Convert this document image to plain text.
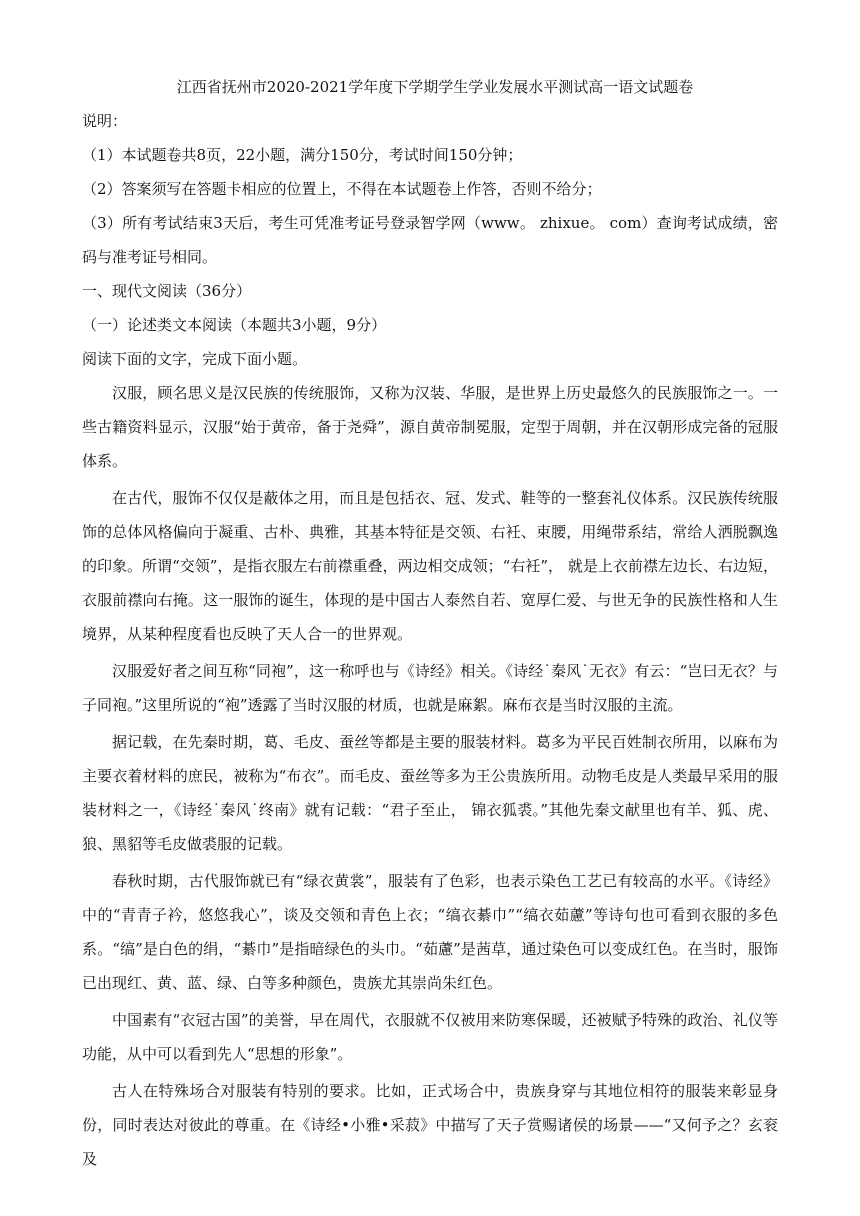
江西省抚州市2020-2021学年度下学期学生学业发展水平测试高一语文试题卷

说明：

（1）本试题卷共8页，22小题，满分150分，考试时间150分钟；

（2）答案须写在答题卡相应的位置上，不得在本试题卷上作答，否则不给分；

（3）所有考试结束3天后，考生可凭准考证号登录智学网（www。 zhixue。 com）查询考试成绩，密码与准考证号相同。

一、现代文阅读（36分）

（一）论述类文本阅读（本题共3小题，9分）

阅读下面的文字，完成下面小题。

汉服，顾名思义是汉民族的传统服饰，又称为汉装、华服，是世界上历史最悠久的民族服饰之一。一些古籍资料显示，汉服“始于黄帝，备于尧舜”，源自黄帝制冕服，定型于周朝，并在汉朝形成完备的冠服体系。

在古代，服饰不仅仅是蔽体之用，而且是包括衣、冠、发式、鞋等的一整套礼仪体系。汉民族传统服饰的总体风格偏向于凝重、古朴、典雅，其基本特征是交领、右衽、束腰，用绳带系结，常给人洒脱飘逸的印象。所谓“交领”，是指衣服左右前襟重叠，两边相交成领；“右衽”， 就是上衣前襟左边长、右边短，衣服前襟向右掩。这一服饰的诞生，体现的是中国古人泰然自若、宽厚仁爱、与世无争的民族性格和人生境界，从某种程度看也反映了天人合一的世界观。

汉服爱好者之间互称“同袍”，这一称呼也与《诗经》相关。《诗经˙秦风˙无衣》有云：“岂曰无衣？与子同袍。”这里所说的“袍”透露了当时汉服的材质，也就是麻絮。麻布衣是当时汉服的主流。

据记载，在先秦时期，葛、毛皮、蚕丝等都是主要的服装材料。葛多为平民百姓制衣所用，以麻布为主要衣着材料的庶民，被称为“布衣”。而毛皮、蚕丝等多为王公贵族所用。动物毛皮是人类最早采用的服装材料之一，《诗经˙秦风˙终南》就有记载：“君子至止， 锦衣狐裘。”其他先秦文献里也有羊、狐、虎、狼、黑貂等毛皮做裘服的记载。

春秋时期，古代服饰就已有“绿衣黄裳”，服装有了色彩，也表示染色工艺已有较高的水平。《诗经》中的“青青子衿，悠悠我心”，谈及交领和青色上衣；“缟衣綦巾”“缟衣茹藘”等诗句也可看到衣服的多色系。“缟”是白色的绢，“綦巾”是指暗绿色的头巾。“茹藘”是茜草，通过染色可以变成红色。在当时，服饰已出现红、黄、蓝、绿、白等多种颜色，贵族尤其崇尚朱红色。

中国素有“衣冠古国”的美誉，早在周代，衣服就不仅被用来防寒保暖，还被赋予特殊的政治、礼仪等功能，从中可以看到先人“思想的形象”。

古人在特殊场合对服装有特别的要求。比如，正式场合中，贵族身穿与其地位相符的服装来彰显身份，同时表达对彼此的尊重。在《诗经•小雅•采菽》中描写了天子赏赐诸侯的场景——“又何予之？玄衮及
